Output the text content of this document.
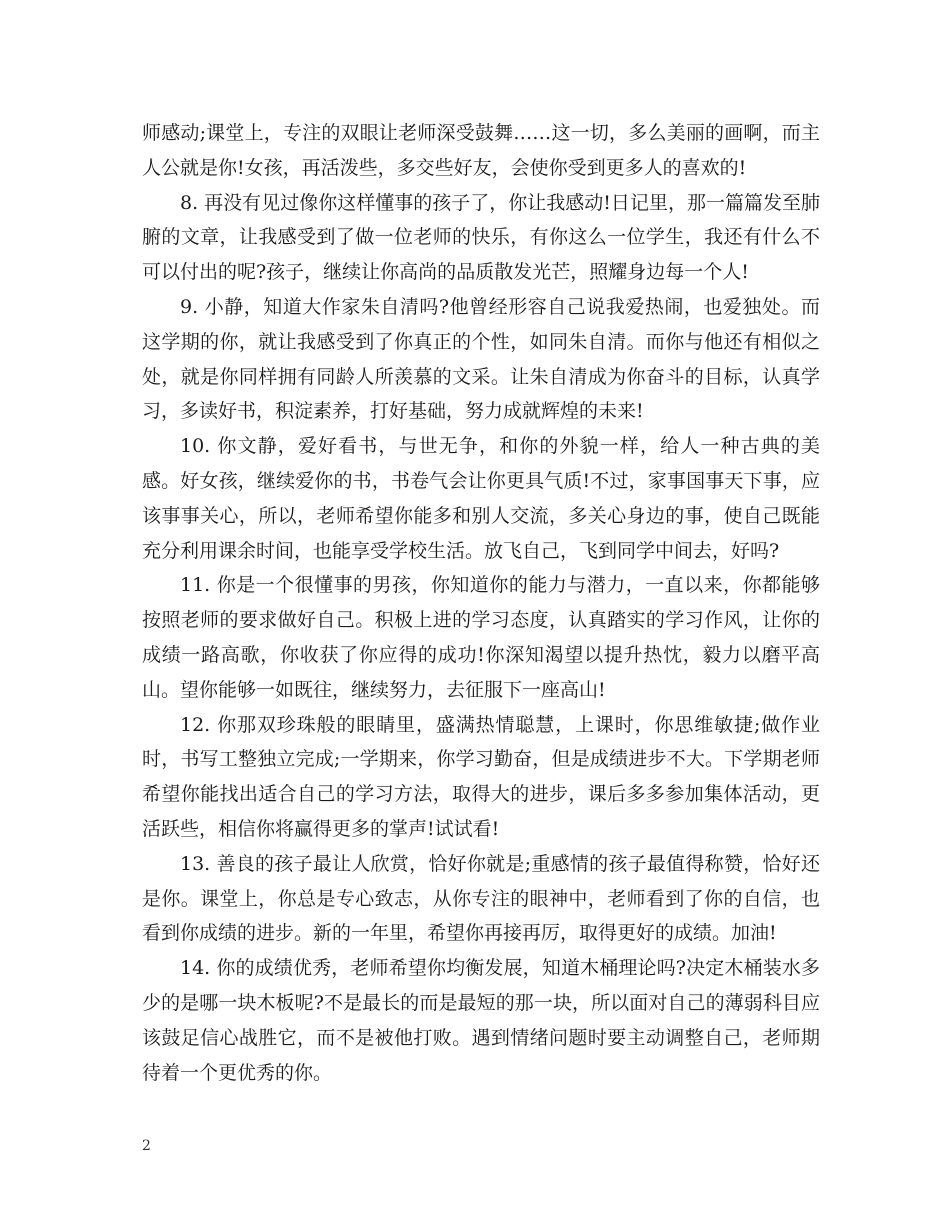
师感动;课堂上，专注的双眼让老师深受鼓舞……这一切，多么美丽的画啊，而主人公就是你!女孩，再活泼些，多交些好友，会使你受到更多人的喜欢的!

8. 再没有见过像你这样懂事的孩子了，你让我感动!日记里，那一篇篇发至肺腑的文章，让我感受到了做一位老师的快乐，有你这么一位学生，我还有什么不可以付出的呢?孩子，继续让你高尚的品质散发光芒，照耀身边每一个人!

9. 小静，知道大作家朱自清吗?他曾经形容自己说我爱热闹，也爱独处。而这学期的你，就让我感受到了你真正的个性，如同朱自清。而你与他还有相似之处，就是你同样拥有同龄人所羡慕的文采。让朱自清成为你奋斗的目标，认真学习，多读好书，积淀素养，打好基础，努力成就辉煌的未来!

10. 你文静，爱好看书，与世无争，和你的外貌一样，给人一种古典的美感。好女孩，继续爱你的书，书卷气会让你更具气质!不过，家事国事天下事，应该事事关心，所以，老师希望你能多和别人交流，多关心身边的事，使自己既能充分利用课余时间，也能享受学校生活。放飞自己，飞到同学中间去，好吗?

11. 你是一个很懂事的男孩，你知道你的能力与潜力，一直以来，你都能够按照老师的要求做好自己。积极上进的学习态度，认真踏实的学习作风，让你的成绩一路高歌，你收获了你应得的成功!你深知渴望以提升热忱，毅力以磨平高山。望你能够一如既往，继续努力，去征服下一座高山!

12. 你那双珍珠般的眼睛里，盛满热情聪慧，上课时，你思维敏捷;做作业时，书写工整独立完成;一学期来，你学习勤奋，但是成绩进步不大。下学期老师希望你能找出适合自己的学习方法，取得大的进步，课后多多参加集体活动，更活跃些，相信你将赢得更多的掌声!试试看!

13. 善良的孩子最让人欣赏，恰好你就是;重感情的孩子最值得称赞，恰好还是你。课堂上，你总是专心致志，从你专注的眼神中，老师看到了你的自信，也看到你成绩的进步。新的一年里，希望你再接再厉，取得更好的成绩。加油!

14. 你的成绩优秀，老师希望你均衡发展，知道木桶理论吗?决定木桶装水多少的是哪一块木板呢?不是最长的而是最短的那一块，所以面对自己的薄弱科目应该鼓足信心战胜它，而不是被他打败。遇到情绪问题时要主动调整自己，老师期待着一个更优秀的你。

2
